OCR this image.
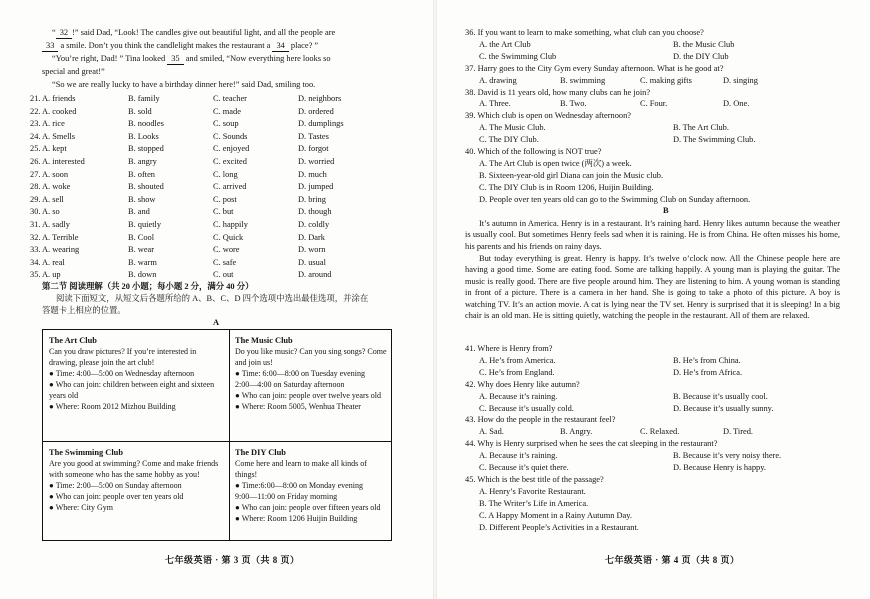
“ 32 !” said Dad, “Look! The candles give out beautiful light, and all the people are
33 a smile. Don’t you think the candlelight makes the restaurant a 34 place? ”
“You’re right, Dad! ” Tina looked 35 and smiled, “Now everything here looks so
special and great!”
“So we are really lucky to have a birthday dinner here!” said Dad, smiling too.
21. A. friends	B. family	C. teacher	D. neighbors
22. A. cooked	B. sold	C. made	D. ordered
23. A. rice	B. noodles	C. soup	D. dumplings
24. A. Smells	B. Looks	C. Sounds	D. Tastes
25. A. kept	B. stopped	C. enjoyed	D. forgot
26. A. interested	B. angry	C. excited	D. worried
27. A. soon	B. often	C. long	D. much
28. A. woke	B. shouted	C. arrived	D. jumped
29. A. sell	B. show	C. post	D. bring
30. A. so	B. and	C. but	D. though
31. A. sadly	B. quietly	C. happily	D. coldly
32. A. Terrible	B. Cool	C. Quick	D. Dark
33. A. wearing	B. wear	C. wore	D. worn
34. A. real	B. warm	C. safe	D. usual
35. A. up	B. down	C. out	D. around
第二节 阅读理解（共 20 小题；每小题 2 分，满分 40 分）
阅读下面短文，从短文后各题所给的 A、B、C、D 四个选项中选出最佳选项，并涂在
答题卡上相应的位置。
A
The Art Club
Can you draw pictures? If you’re interested in drawing, please join the art club!
● Time: 4:00—5:00 on Wednesday afternoon
● Who can join: children between eight and sixteen years old
● Where: Room 2012 Mizhou Building
The Music Club
Do you like music? Can you sing songs? Come and join us!
● Time: 6:00—8:00 on Tuesday evening
2:00—4:00 on Saturday afternoon
● Who can join: people over twelve years old
● Where: Room 5005, Wenhua Theater
The Swimming Club
Are you good at swimming? Come and make friends with someone who has the same hobby as you!
● Time: 2:00—5:00 on Sunday afternoon
● Who can join: people over ten years old
● Where: City Gym
The DIY Club
Come here and learn to make all kinds of things!
● Time:6:00—8:00 on Monday evening
9:00—11:00 on Friday morning
● Who can join: people over fifteen years old
● Where: Room 1206 Huijin Building
七年级英语 · 第 3 页（共 8 页）
36. If you want to learn to make something, what club can you choose?
A. the Art Club	B. the Music Club
C. the Swimming Club	D. the DIY Club
37. Harry goes to the City Gym every Sunday afternoon. What is he good at?
A. drawing	B. swimming	C. making gifts	D. singing
38. David is 11 years old, how many clubs can he join?
A. Three.	B. Two.	C. Four.	D. One.
39. Which club is open on Wednesday afternoon?
A. The Music Club.	B. The Art Club.
C. The DIY Club.	D. The Swimming Club.
40. Which of the following is NOT true?
A. The Art Club is open twice (两次) a week.
B. Sixteen-year-old girl Diana can join the Music club.
C. The DIY Club is in Room 1206, Huijin Building.
D. People over ten years old can go to the Swimming Club on Sunday afternoon.
B
It’s autumn in America. Henry is in a restaurant. It’s raining hard. Henry likes autumn because the weather is usually cool. But sometimes Henry feels sad when it is raining. He is from China. He often misses his home, his parents and his friends on rainy days.
But today everything is great. Henry is happy. It’s twelve o’clock now. All the Chinese people here are having a good time. Some are eating food. Some are talking happily. A young man is playing the guitar. The music is really good. There are five people around him. They are listening to him. A young woman is standing in front of a picture. There is a camera in her hand. She is going to take a photo of this picture. A boy is watching TV. It’s an action movie. A cat is lying near the TV set. Henry is surprised that it is sleeping! In a big chair is an old man. He is sitting quietly, watching the people in the restaurant. All of them are relaxed.
41. Where is Henry from?
A. He’s from America.	B. He’s from China.
C. He’s from England.	D. He’s from Africa.
42. Why does Henry like autumn?
A. Because it’s raining.	B. Because it’s usually cool.
C. Because it’s usually cold.	D. Because it’s usually sunny.
43. How do the people in the restaurant feel?
A. Sad.	B. Angry.	C. Relaxed.	D. Tired.
44. Why is Henry surprised when he sees the cat sleeping in the restaurant?
A. Because it’s raining.	B. Because it’s very noisy there.
C. Because it’s quiet there.	D. Because Henry is happy.
45. Which is the best title of the passage?
A. Henry’s Favorite Restaurant.
B. The Writer’s Life in America.
C. A Happy Moment in a Rainy Autumn Day.
D. Different People’s Activities in a Restaurant.
七年级英语 · 第 4 页（共 8 页）
